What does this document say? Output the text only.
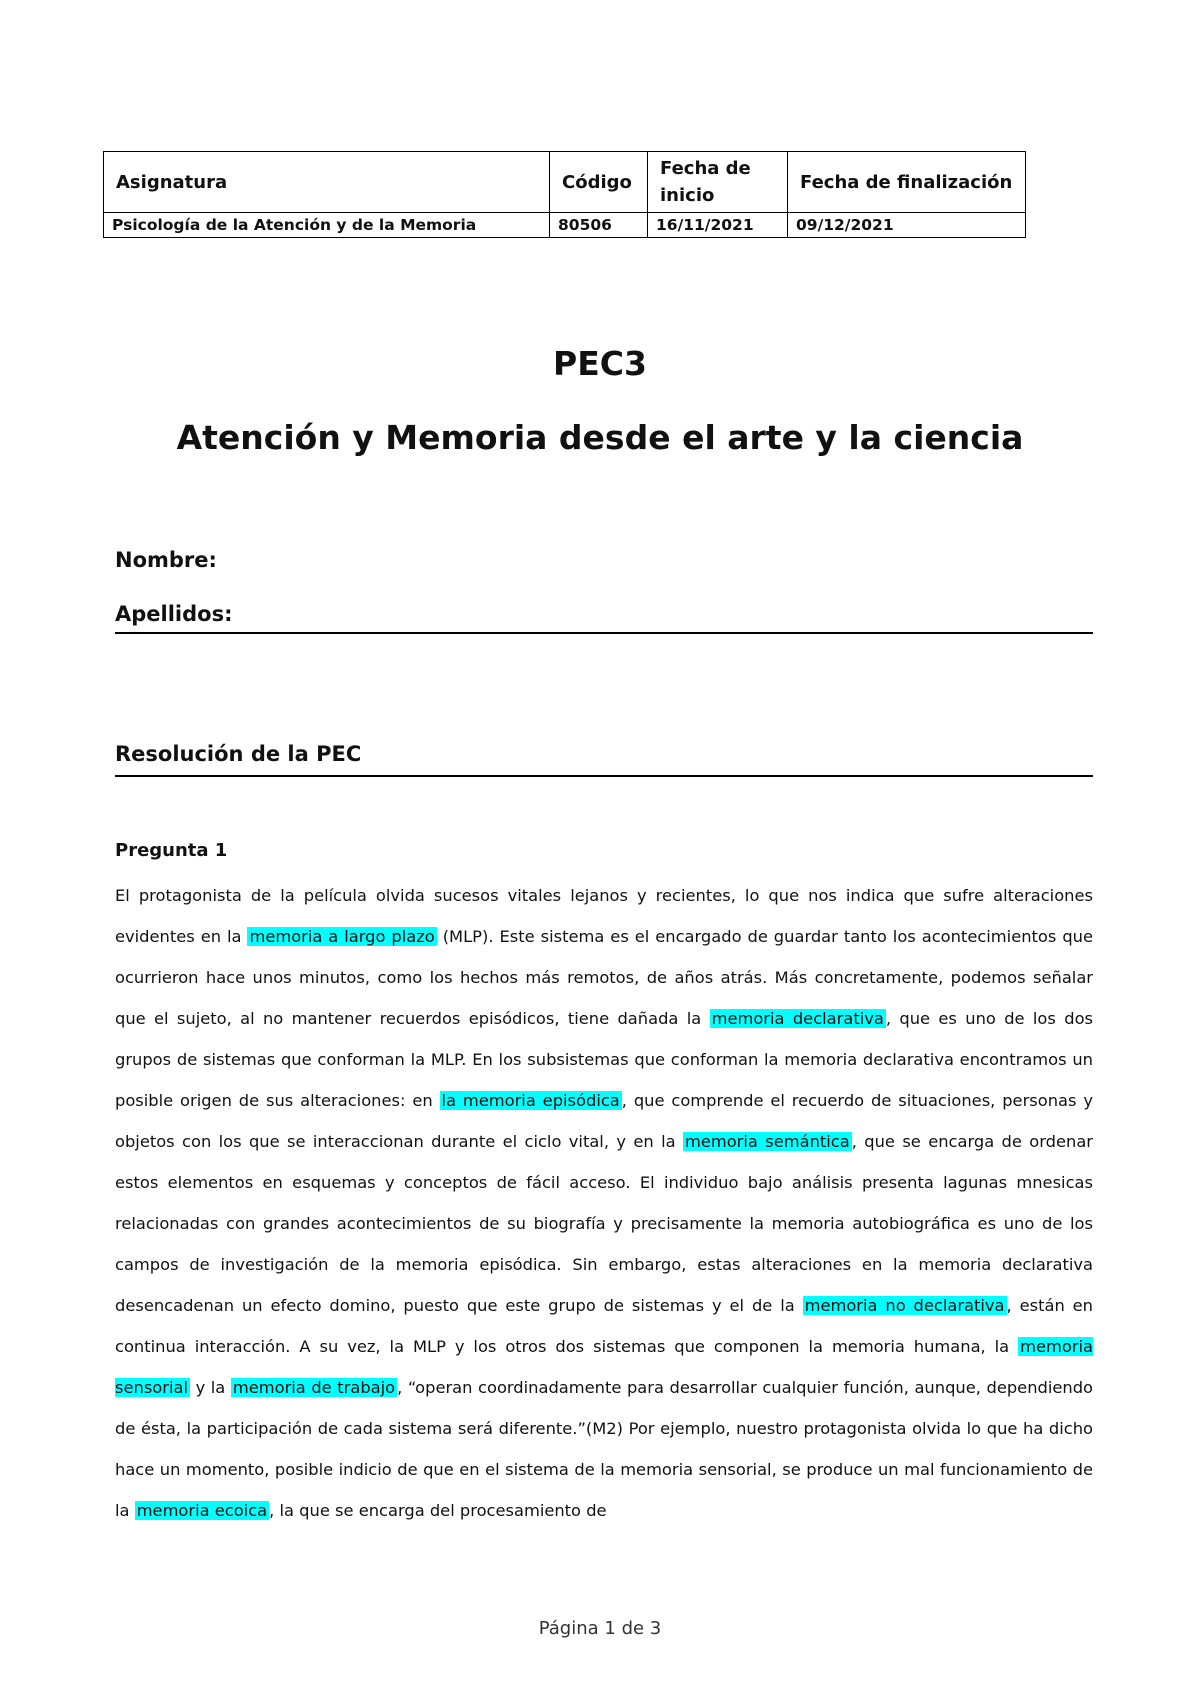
Asignatura	Código	Fecha de inicio	Fecha de finalización
Psicología de la Atención y de la Memoria	80506	16/11/2021	09/12/2021
PEC3
Atención y Memoria desde el arte y la ciencia
Nombre:
Apellidos:
Resolución de la PEC
Pregunta 1

El protagonista de la película olvida sucesos vitales lejanos y recientes, lo que nos indica que sufre alteraciones evidentes en la memoria a largo plazo (MLP). Este sistema es el encargado de guardar tanto los acontecimientos que ocurrieron hace unos minutos, como los hechos más remotos, de años atrás. Más concretamente, podemos señalar que el sujeto, al no mantener recuerdos episódicos, tiene dañada la memoria declarativa , que es uno de los dos grupos de sistemas que conforman la MLP. En los subsistemas que conforman la memoria declarativa encontramos un posible origen de sus alteraciones: en la memoria episódica , que comprende el recuerdo de situaciones, personas y objetos con los que se interaccionan durante el ciclo vital, y en la memoria semántica , que se encarga de ordenar estos elementos en esquemas y conceptos de fácil acceso. El individuo bajo análisis presenta lagunas mnesicas relacionadas con grandes acontecimientos de su biografía y precisamente la memoria autobiográfica es uno de los campos de investigación de la memoria episódica. Sin embargo, estas alteraciones en la memoria declarativa desencadenan un efecto domino, puesto que este grupo de sistemas y el de la memoria no declarativa , están en continua interacción. A su vez, la MLP y los otros dos sistemas que componen la memoria humana, la memoria sensorial y la memoria de trabajo , “operan coordinadamente para desarrollar cualquier función, aunque, dependiendo de ésta, la participación de cada sistema será diferente.”(M2) Por ejemplo, nuestro protagonista olvida lo que ha dicho hace un momento, posible indicio de que en el sistema de la memoria sensorial, se produce un mal funcionamiento de la memoria ecoica , la que se encarga del procesamiento de

Página 1 de 3
